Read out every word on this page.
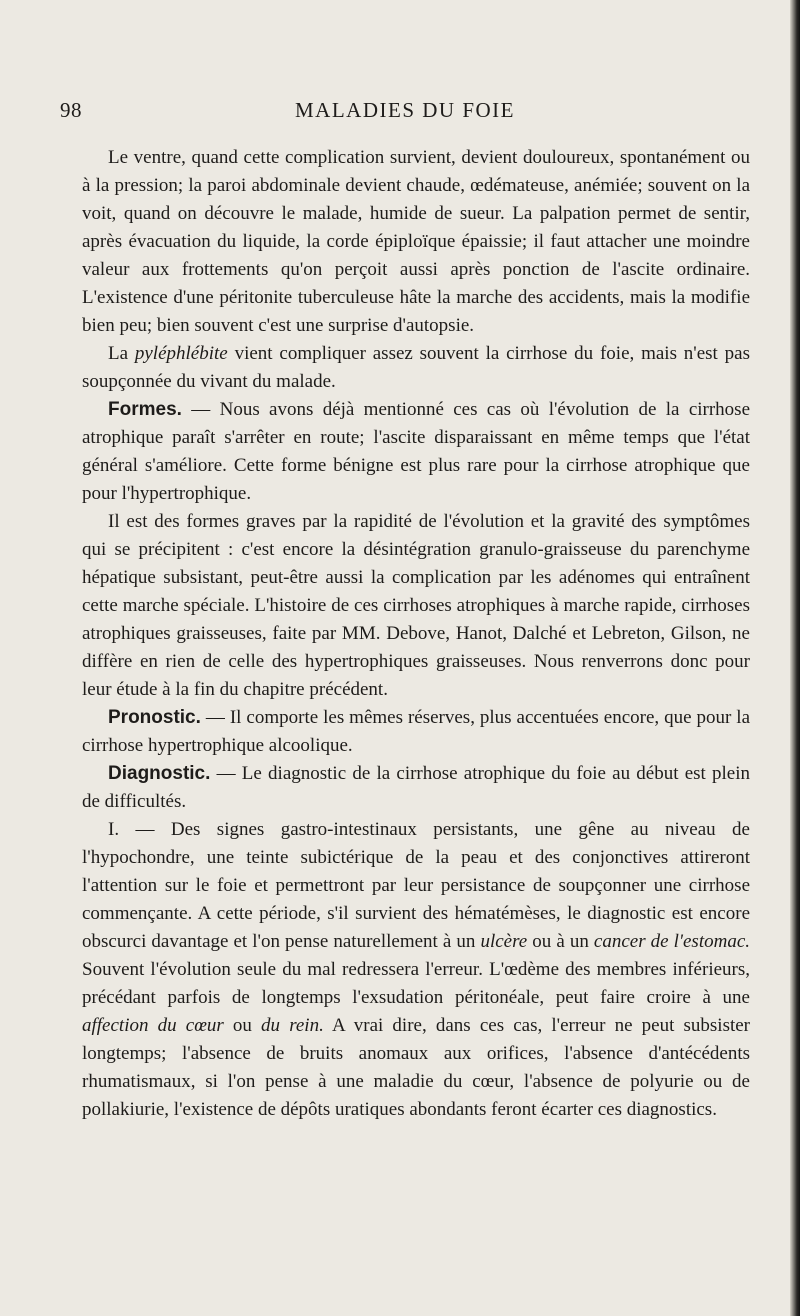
98	MALADIES DU FOIE

Le ventre, quand cette complication survient, devient douloureux, spontanément ou à la pression; la paroi abdominale devient chaude, œdémateuse, anémiée; souvent on la voit, quand on découvre le malade, humide de sueur. La palpation permet de sentir, après évacuation du liquide, la corde épiploïque épaissie; il faut attacher une moindre valeur aux frottements qu'on perçoit aussi après ponction de l'ascite ordinaire. L'existence d'une péritonite tuberculeuse hâte la marche des accidents, mais la modifie bien peu; bien souvent c'est une surprise d'autopsie.

La pyléphlébite vient compliquer assez souvent la cirrhose du foie, mais n'est pas soupçonnée du vivant du malade.

Formes. — Nous avons déjà mentionné ces cas où l'évolution de la cirrhose atrophique paraît s'arrêter en route; l'ascite disparaissant en même temps que l'état général s'améliore. Cette forme bénigne est plus rare pour la cirrhose atrophique que pour l'hypertrophique.

Il est des formes graves par la rapidité de l'évolution et la gravité des symptômes qui se précipitent : c'est encore la désintégration granulo-graisseuse du parenchyme hépatique subsistant, peut-être aussi la complication par les adénomes qui entraînent cette marche spéciale. L'histoire de ces cirrhoses atrophiques à marche rapide, cirrhoses atrophiques graisseuses, faite par MM. Debove, Hanot, Dalché et Lebreton, Gilson, ne diffère en rien de celle des hypertrophiques graisseuses. Nous renverrons donc pour leur étude à la fin du chapitre précédent.

Pronostic. — Il comporte les mêmes réserves, plus accentuées encore, que pour la cirrhose hypertrophique alcoolique.

Diagnostic. — Le diagnostic de la cirrhose atrophique du foie au début est plein de difficultés.

I. — Des signes gastro-intestinaux persistants, une gêne au niveau de l'hypochondre, une teinte subictérique de la peau et des conjonctives attireront l'attention sur le foie et permettront par leur persistance de soupçonner une cirrhose commençante. A cette période, s'il survient des hématémèses, le diagnostic est encore obscurci davantage et l'on pense naturellement à un ulcère ou à un cancer de l'estomac. Souvent l'évolution seule du mal redressera l'erreur. L'œdème des membres inférieurs, précédant parfois de longtemps l'exsudation péritonéale, peut faire croire à une affection du cœur ou du rein. A vrai dire, dans ces cas, l'erreur ne peut subsister longtemps; l'absence de bruits anomaux aux orifices, l'absence d'antécédents rhumatismaux, si l'on pense à une maladie du cœur, l'absence de polyurie ou de pollakiurie, l'existence de dépôts uratiques abondants feront écarter ces diagnostics.
